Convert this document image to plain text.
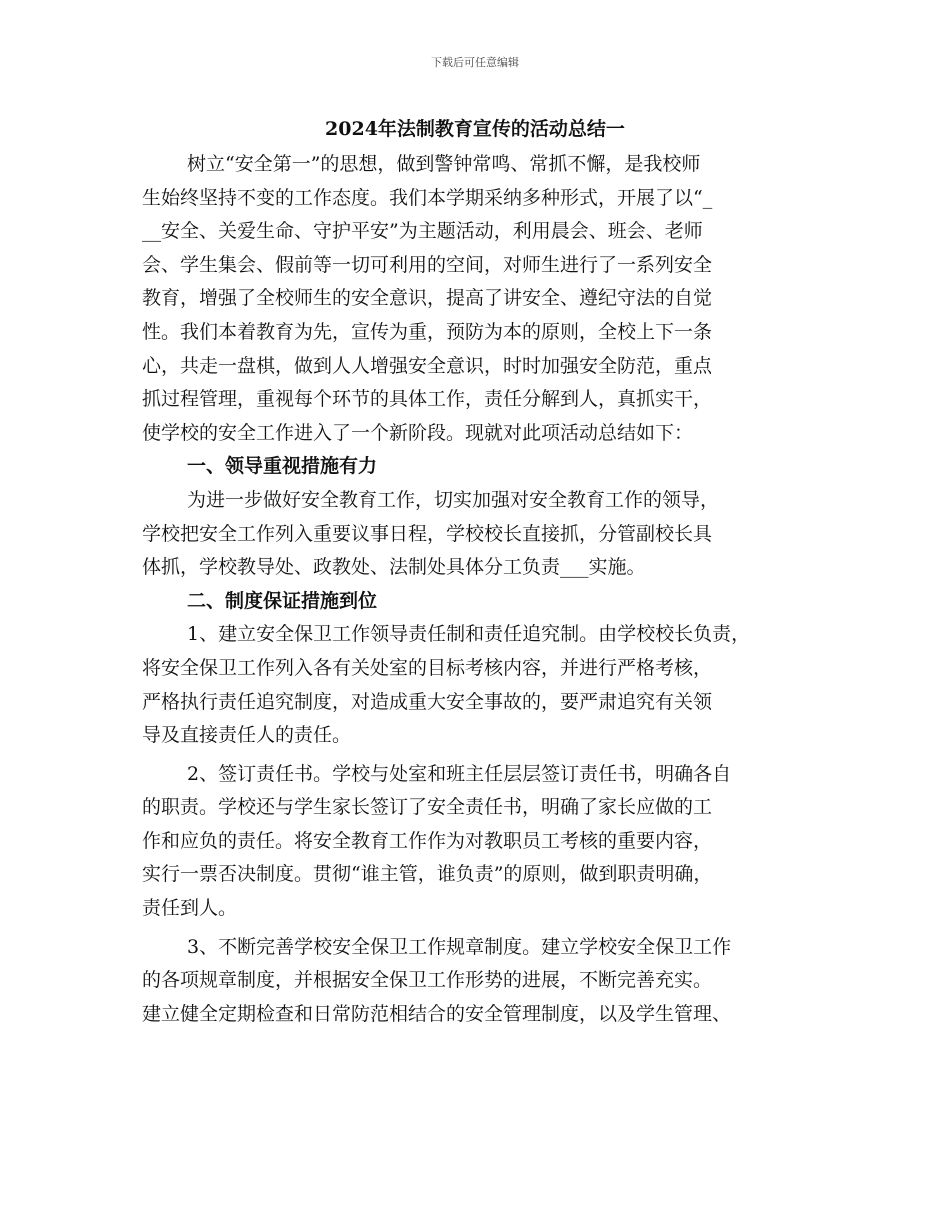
下载后可任意编辑
2024年法制教育宣传的活动总结一
树立“安全第一”的思想，做到警钟常鸣、常抓不懈，是我校师
生始终坚持不变的工作态度。我们本学期采纳多种形式，开展了以“_
__安全、关爱生命、守护平安”为主题活动，利用晨会、班会、老师
会、学生集会、假前等一切可利用的空间，对师生进行了一系列安全
教育，增强了全校师生的安全意识，提高了讲安全、遵纪守法的自觉
性。我们本着教育为先，宣传为重，预防为本的原则，全校上下一条
心，共走一盘棋，做到人人增强安全意识，时时加强安全防范，重点
抓过程管理，重视每个环节的具体工作，责任分解到人，真抓实干，
使学校的安全工作进入了一个新阶段。现就对此项活动总结如下：
一、领导重视措施有力
为进一步做好安全教育工作，切实加强对安全教育工作的领导，
学校把安全工作列入重要议事日程，学校校长直接抓，分管副校长具
体抓，学校教导处、政教处、法制处具体分工负责___实施。
二、制度保证措施到位
1、建立安全保卫工作领导责任制和责任追究制。由学校校长负责，
将安全保卫工作列入各有关处室的目标考核内容，并进行严格考核，
严格执行责任追究制度，对造成重大安全事故的，要严肃追究有关领
导及直接责任人的责任。
2、签订责任书。学校与处室和班主任层层签订责任书，明确各自
的职责。学校还与学生家长签订了安全责任书，明确了家长应做的工
作和应负的责任。将安全教育工作作为对教职员工考核的重要内容，
实行一票否决制度。贯彻“谁主管，谁负责”的原则，做到职责明确，
责任到人。
3、不断完善学校安全保卫工作规章制度。建立学校安全保卫工作
的各项规章制度，并根据安全保卫工作形势的进展，不断完善充实。
建立健全定期检查和日常防范相结合的安全管理制度，以及学生管理、
